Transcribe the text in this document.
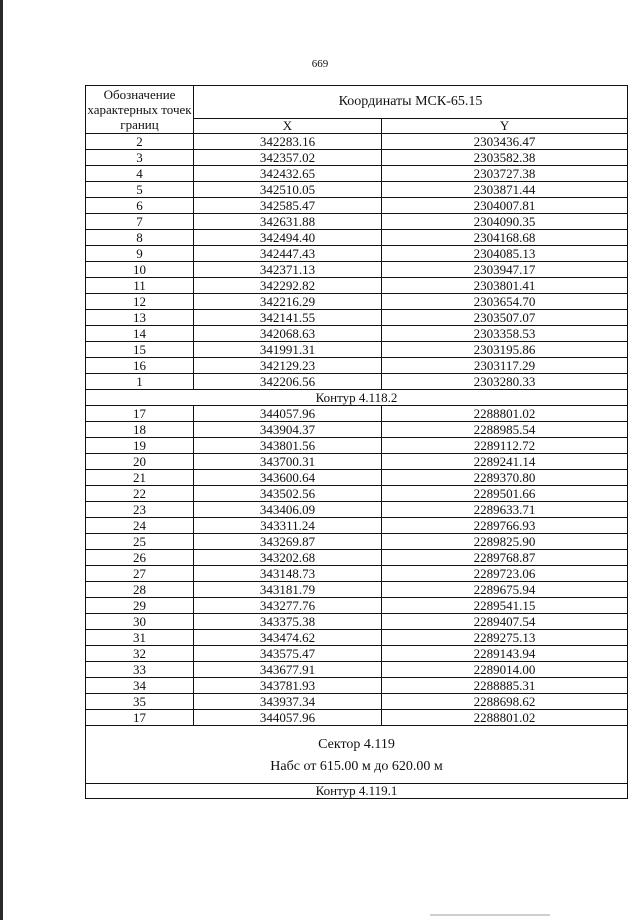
669
Обозначение характерных точек границ	Координаты МСК-65.15	
	X	Y
2	342283.16	2303436.47
3	342357.02	2303582.38
4	342432.65	2303727.38
5	342510.05	2303871.44
6	342585.47	2304007.81
7	342631.88	2304090.35
8	342494.40	2304168.68
9	342447.43	2304085.13
10	342371.13	2303947.17
11	342292.82	2303801.41
12	342216.29	2303654.70
13	342141.55	2303507.07
14	342068.63	2303358.53
15	341991.31	2303195.86
16	342129.23	2303117.29
1	342206.56	2303280.33
Контур 4.118.2		
17	344057.96	2288801.02
18	343904.37	2288985.54
19	343801.56	2289112.72
20	343700.31	2289241.14
21	343600.64	2289370.80
22	343502.56	2289501.66
23	343406.09	2289633.71
24	343311.24	2289766.93
25	343269.87	2289825.90
26	343202.68	2289768.87
27	343148.73	2289723.06
28	343181.79	2289675.94
29	343277.76	2289541.15
30	343375.38	2289407.54
31	343474.62	2289275.13
32	343575.47	2289143.94
33	343677.91	2289014.00
34	343781.93	2288885.31
35	343937.34	2288698.62
17	344057.96	2288801.02

Сектор 4.119
Набс от 615.00 м до 620.00 м		

Контур 4.119.1		
